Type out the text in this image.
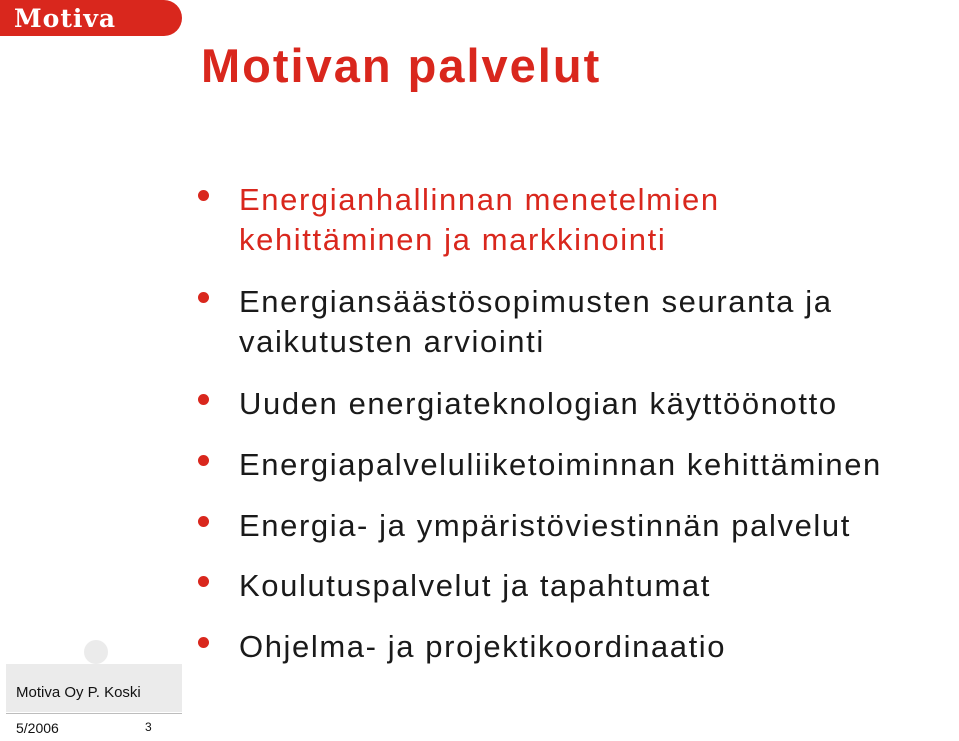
Motiva
Motivan palvelut
Energianhallinnan menetelmien
kehittäminen ja markkinointi
Energiansäästösopimusten seuranta ja
vaikutusten arviointi
Uuden energiateknologian käyttöönotto
Energiapalveluliiketoiminnan kehittäminen
Energia- ja ympäristöviestinnän palvelut
Koulutuspalvelut ja tapahtumat
Ohjelma- ja projektikoordinaatio
Motiva Oy P. Koski
5/2006	3
